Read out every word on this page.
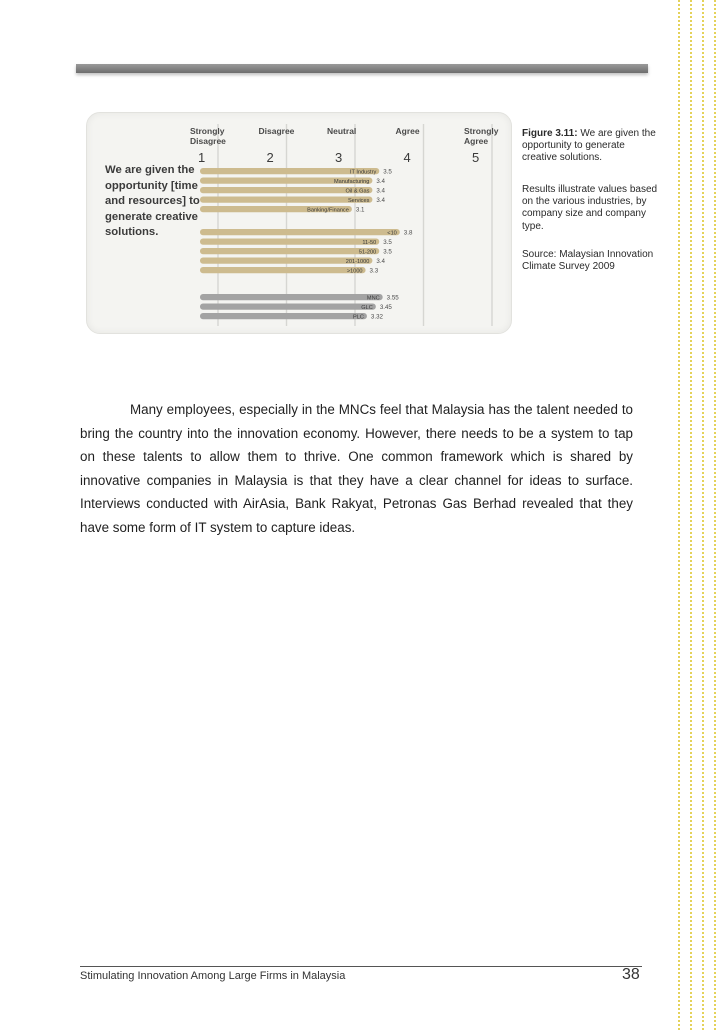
Strongly
Disagree
1
Disagree
2
Neutral
3
Agree
4
Strongly
Agree
5
IT Industry 3.5
Manufacturing 3.4
Oil & Gas 3.4
Services 3.4
Banking/Finance 3.1
<10 3.8
11-50 3.5
51-200 3.5
201-1000 3.4
>1000 3.3
MNC 3.55
GLC 3.45
PLC 3.32
We are given the
opportunity [time
and resources] to
generate creative
solutions.
Figure 3.11: We are given the opportunity to generate creative solutions.
Results illustrate values based on the various industries, by company size and company type.
Source: Malaysian Innovation Climate Survey 2009
Many employees, especially in the MNCs feel that Malaysia has the talent needed to bring the country into the innovation economy. However, there needs to be a system to tap on these talents to allow them to thrive. One common framework which is shared by innovative companies in Malaysia is that they have a clear channel for ideas to surface. Interviews conducted with AirAsia, Bank Rakyat, Petronas Gas Berhad revealed that they have some form of IT system to capture ideas.
Stimulating Innovation Among Large Firms in Malaysia	38
